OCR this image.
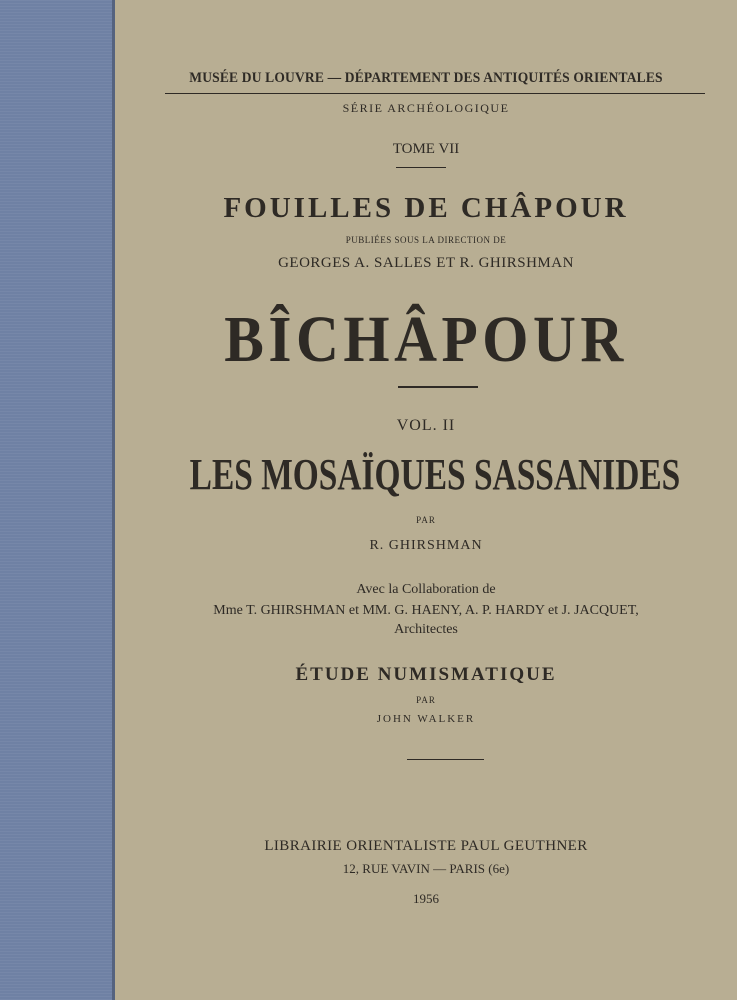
MUSÉE DU LOUVRE — DÉPARTEMENT DES ANTIQUITÉS ORIENTALES
SÉRIE ARCHÉOLOGIQUE
TOME VII
FOUILLES DE CHÂPOUR
PUBLIÉES SOUS LA DIRECTION DE
GEORGES A. SALLES ET R. GHIRSHMAN
BÎCHÂPOUR
VOL. II
LES MOSAÏQUES SASSANIDES
PAR
R. GHIRSHMAN
Avec la Collaboration de
Mme T. GHIRSHMAN et MM. G. HAENY, A. P. HARDY et J. JACQUET,
Architectes
ÉTUDE NUMISMATIQUE
PAR
JOHN WALKER
LIBRAIRIE ORIENTALISTE PAUL GEUTHNER
12, RUE VAVIN — PARIS (6e)
1956
